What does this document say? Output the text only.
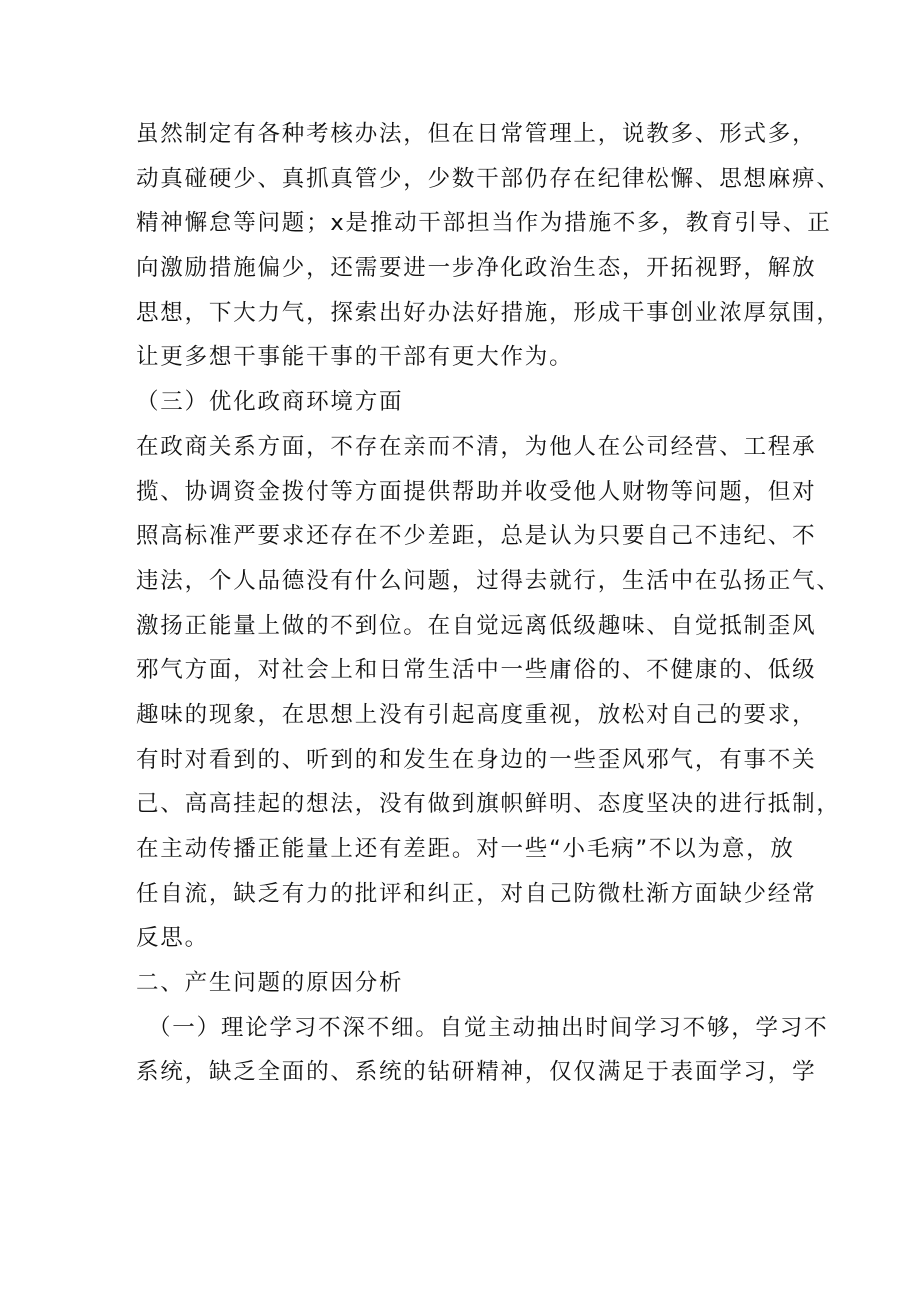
虽然制定有各种考核办法，但在日常管理上，说教多、形式多，
动真碰硬少、真抓真管少，少数干部仍存在纪律松懈、思想麻痹、
精神懈怠等问题；x是推动干部担当作为措施不多，教育引导、正
向激励措施偏少，还需要进一步净化政治生态，开拓视野，解放
思想，下大力气，探索出好办法好措施，形成干事创业浓厚氛围，
让更多想干事能干事的干部有更大作为。
（三）优化政商环境方面
在政商关系方面，不存在亲而不清，为他人在公司经营、工程承
揽、协调资金拨付等方面提供帮助并收受他人财物等问题，但对
照高标准严要求还存在不少差距，总是认为只要自己不违纪、不
违法，个人品德没有什么问题，过得去就行，生活中在弘扬正气、
激扬正能量上做的不到位。在自觉远离低级趣味、自觉抵制歪风
邪气方面，对社会上和日常生活中一些庸俗的、不健康的、低级
趣味的现象，在思想上没有引起高度重视，放松对自己的要求，
有时对看到的、听到的和发生在身边的一些歪风邪气，有事不关
己、高高挂起的想法，没有做到旗帜鲜明、态度坚决的进行抵制，
在主动传播正能量上还有差距。对一些“小毛病”不以为意，放
任自流，缺乏有力的批评和纠正，对自己防微杜渐方面缺少经常
反思。
二、产生问题的原因分析
（一）理论学习不深不细。自觉主动抽出时间学习不够，学习不
系统，缺乏全面的、系统的钻研精神，仅仅满足于表面学习，学
